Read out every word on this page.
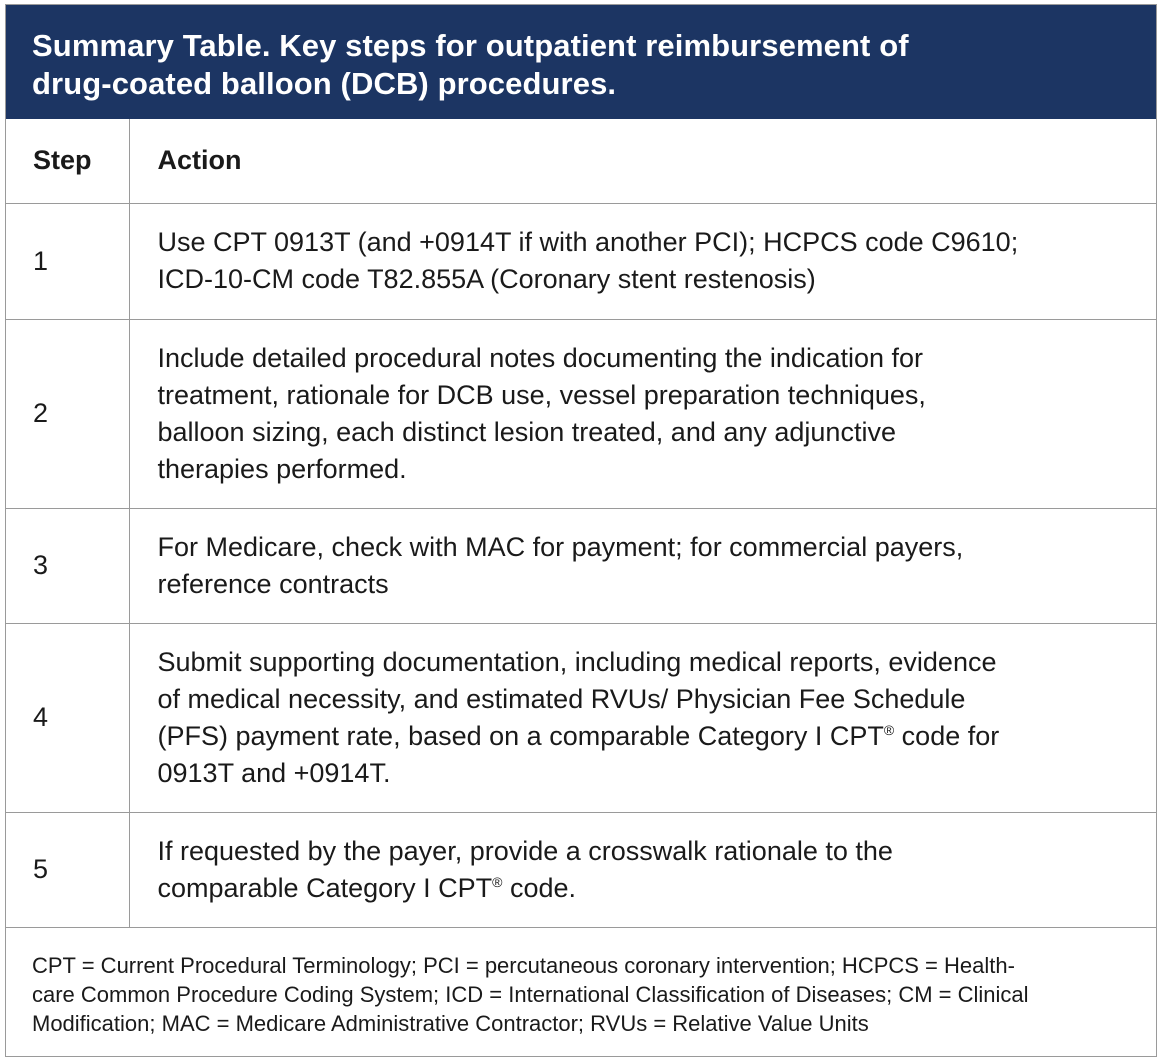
Summary Table. Key steps for outpatient reimbursement of
drug-coated balloon (DCB) procedures.
Step	Action
1	Use CPT 0913T (and +0914T if with another PCI); HCPCS code C9610;
ICD-10-CM code T82.855A (Coronary stent restenosis)
2	Include detailed procedural notes documenting the indication for
treatment, rationale for DCB use, vessel preparation techniques,
balloon sizing, each distinct lesion treated, and any adjunctive
therapies performed.
3	For Medicare, check with MAC for payment; for commercial payers,
reference contracts
4	Submit supporting documentation, including medical reports, evidence
of medical necessity, and estimated RVUs/ Physician Fee Schedule
(PFS) payment rate, based on a comparable Category I CPT® code for
0913T and +0914T.
5	If requested by the payer, provide a crosswalk rationale to the
comparable Category I CPT® code.

CPT = Current Procedural Terminology; PCI = percutaneous coronary intervention; HCPCS = Health-
care Common Procedure Coding System; ICD = International Classification of Diseases; CM = Clinical
Modification; MAC = Medicare Administrative Contractor; RVUs = Relative Value Units
